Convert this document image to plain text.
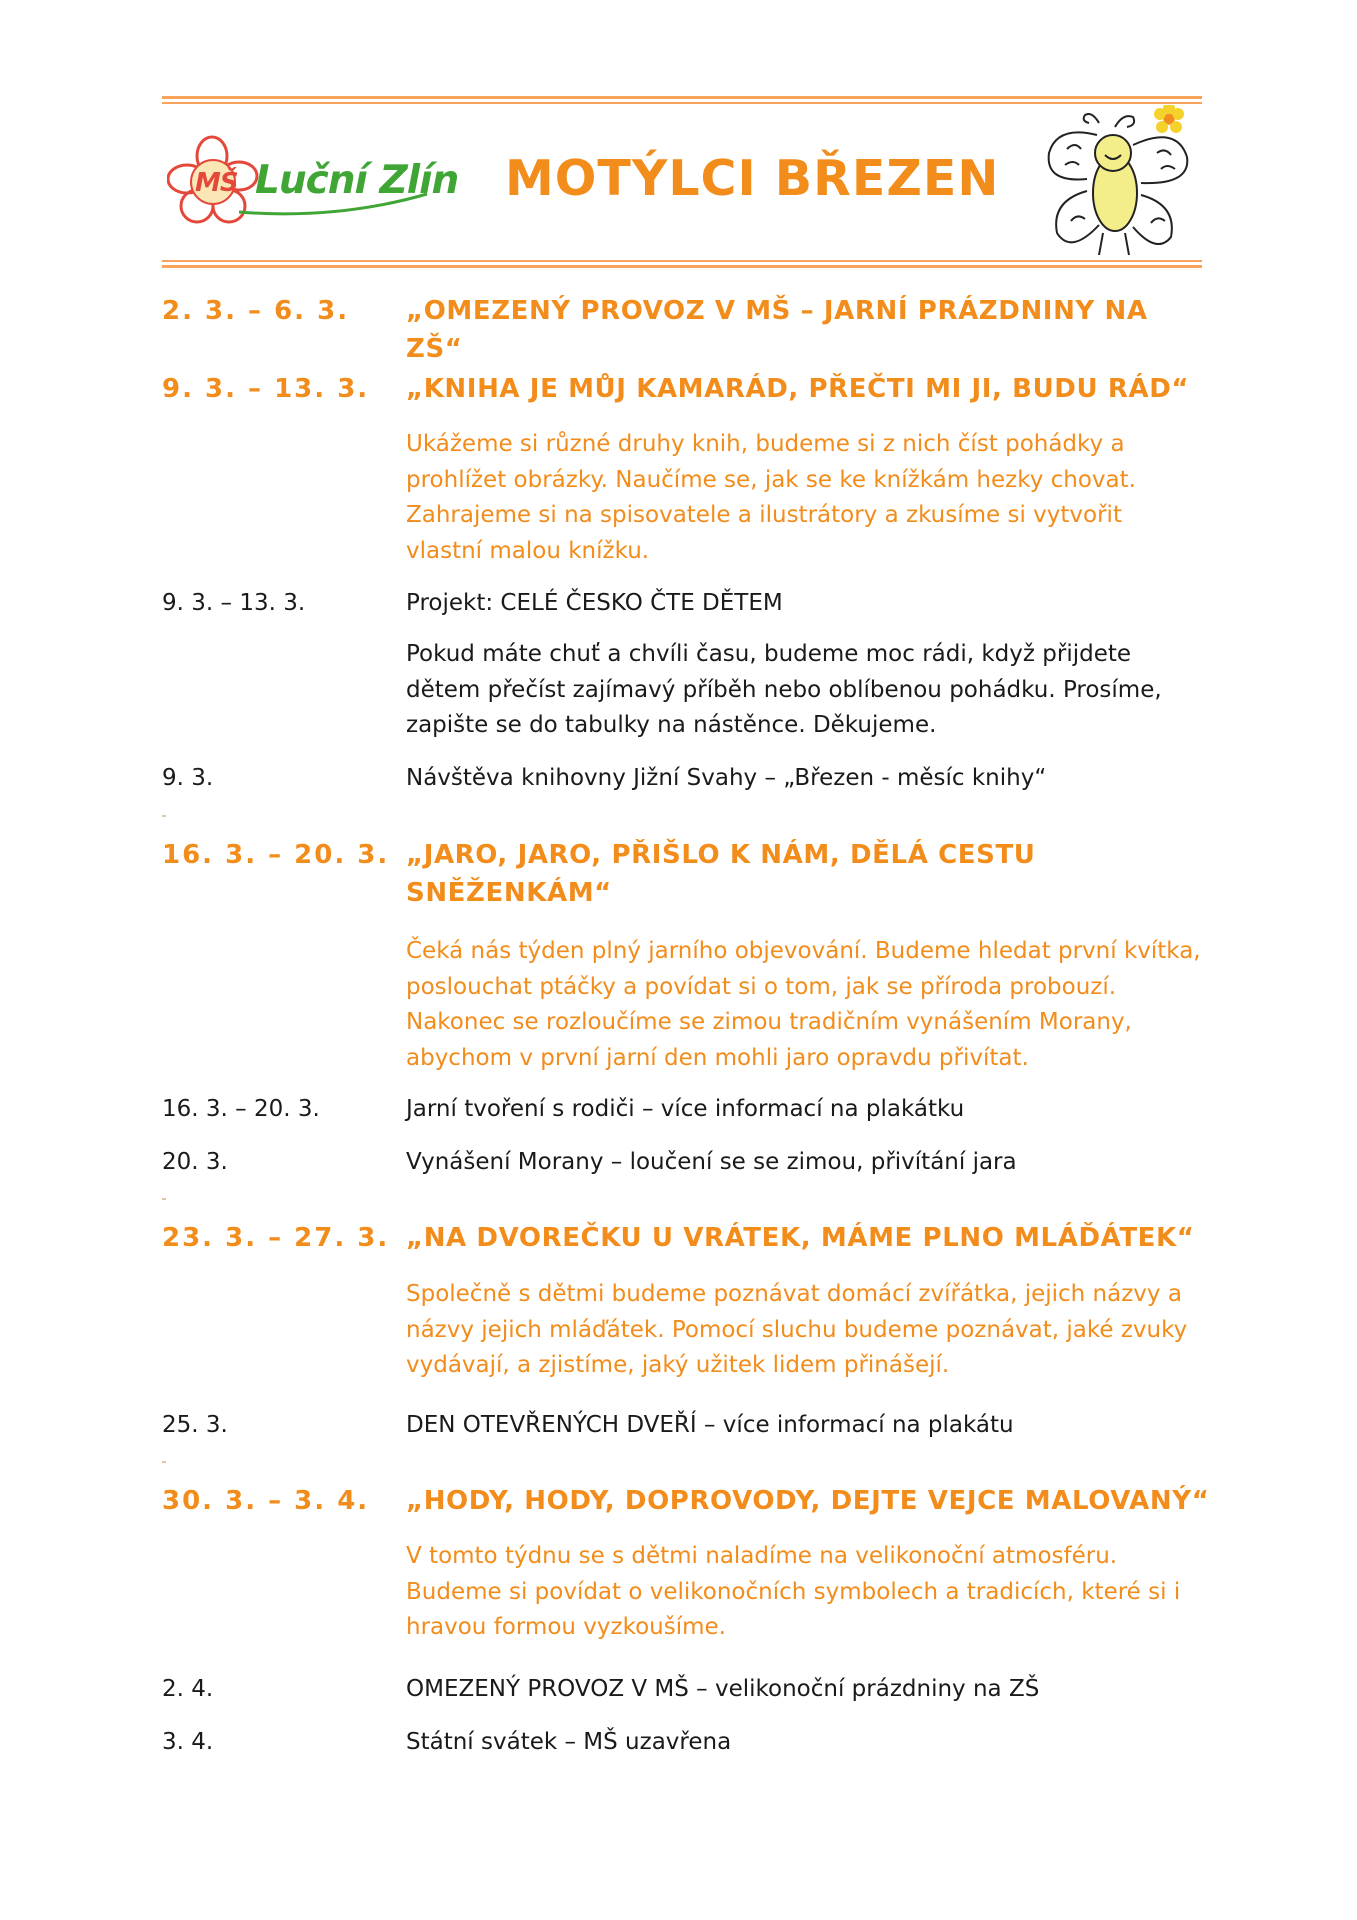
MŠ Luční Zlín MOTÝLCI BŘEZEN
2. 3. – 6. 3. „OMEZENÝ PROVOZ V MŠ – JARNÍ PRÁZDNINY NA ZŠ“
9. 3. – 13. 3. „KNIHA JE MŮJ KAMARÁD, PŘEČTI MI JI, BUDU RÁD“
Ukážeme si různé druhy knih, budeme si z nich číst pohádky a
prohlížet obrázky. Naučíme se, jak se ke knížkám hezky chovat.
Zahrajeme si na spisovatele a ilustrátory a zkusíme si vytvořit
vlastní malou knížku.
9. 3. – 13. 3.	Projekt: CELÉ ČESKO ČTE DĚTEM
Pokud máte chuť a chvíli času, budeme moc rádi, když přijdete
dětem přečíst zajímavý příběh nebo oblíbenou pohádku. Prosíme,
zapište se do tabulky na nástěnce. Děkujeme.
9. 3.	Návštěva knihovny Jižní Svahy – „Březen - měsíc knihy“
16. 3. – 20. 3. „JARO, JARO, PŘIŠLO K NÁM, DĚLÁ CESTU
SNĚŽENKÁM“
Čeká nás týden plný jarního objevování. Budeme hledat první kvítka,
poslouchat ptáčky a povídat si o tom, jak se příroda probouzí.
Nakonec se rozloučíme se zimou tradičním vynášením Morany,
abychom v první jarní den mohli jaro opravdu přivítat.
16. 3. – 20. 3.	Jarní tvoření s rodiči – více informací na plakátku
20. 3.	Vynášení Morany – loučení se se zimou, přivítání jara
23. 3. – 27. 3. „NA DVOREČKU U VRÁTEK, MÁME PLNO MLÁĎÁTEK“
Společně s dětmi budeme poznávat domácí zvířátka, jejich názvy a
názvy jejich mláďátek. Pomocí sluchu budeme poznávat, jaké zvuky
vydávají, a zjistíme, jaký užitek lidem přinášejí.
25. 3.	DEN OTEVŘENÝCH DVEŘÍ – více informací na plakátu
30. 3. – 3. 4. „HODY, HODY, DOPROVODY, DEJTE VEJCE MALOVANÝ“
V tomto týdnu se s dětmi naladíme na velikonoční atmosféru.
Budeme si povídat o velikonočních symbolech a tradicích, které si i
hravou formou vyzkoušíme.
2. 4.	OMEZENÝ PROVOZ V MŠ – velikonoční prázdniny na ZŠ
3. 4.	Státní svátek – MŠ uzavřena
